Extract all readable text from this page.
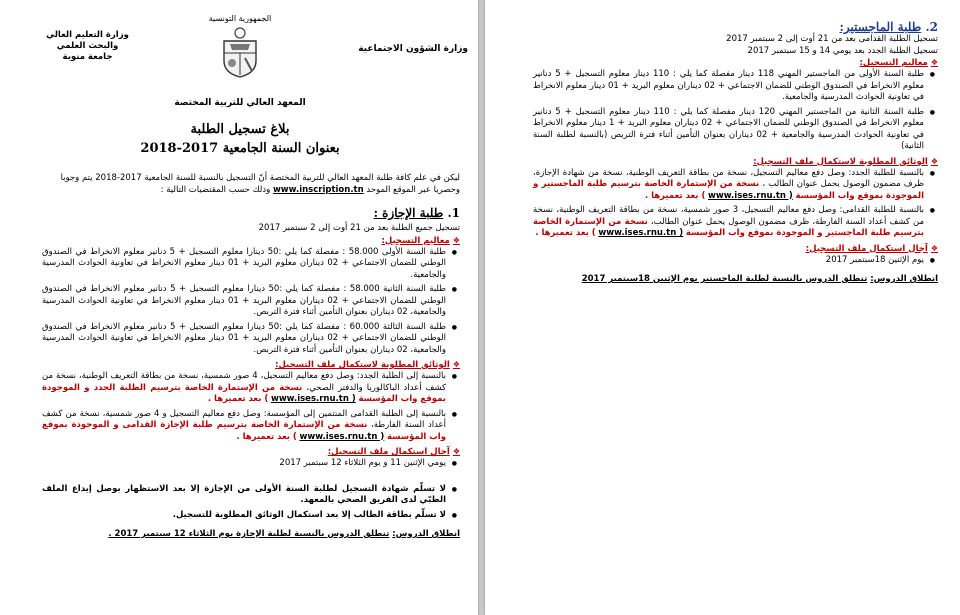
وزارة التعليم العالي
والبحث العلمي
جامعة منوبة
الجمهورية التونسية
وزارة الشؤون الاجتماعية
المعهد العالي للتربية المختصة
بلاغ تسجيل الطلبة
بعنوان السنة الجامعية 2017-2018
ليكن في علم كافة طلبة المعهد العالي للتربية المختصة أنّ التسجيل بالنسبة للسنة الجامعية 2017-2018 يتم وجوبا وحصريا عبر الموقع الموحد www.inscription.tn وذلك حسب المقتضيات التالية :
1. طلبة الإجازة :
تسجيل جميع الطلبة بعد من 21 أوت إلى 2 سبتمبر 2017
❖معاليم التسجيل:
● طلبة السنة الأولى 58.000 : مفصلة كما يلي :50 دينارا معلوم التسجيل + 5 دنانير معلوم الانخراط في الصندوق الوطني للضمان الاجتماعي + 02 ديناران معلوم البريد + 01 دينار معلوم الانخراط في تعاونية الحوادث المدرسية والجامعية.
● طلبة السنة الثانية 58.000 : مفصلة كما يلي :50 دينارا معلوم التسجيل + 5 دنانير معلوم الانخراط في الصندوق الوطني للضمان الاجتماعي + 02 ديناران معلوم البريد + 01 دينار معلوم الانخراط في تعاونية الحوادث المدرسية والجامعية، 02 ديناران بعنوان التأمين أثناء فترة التربص.
● طلبة السنة الثالثة 60.000 : مفصلة كما يلي :50 دينارا معلوم التسجيل + 5 دنانير معلوم الانخراط في الصندوق الوطني للضمان الاجتماعي + 02 ديناران معلوم البريد + 01 دينار معلوم الانخراط في تعاونية الحوادث المدرسية والجامعية، 02 ديناران بعنوان التأمين أثناء فترة التربص.
❖الوثائق المطلوبة لاستكمال ملف التسجيل:
● بالنسبة إلى الطلبة الجدد: وصل دفع معاليم التسجيل، 4 صور شمسية، نسخة من بطاقة التعريف الوطنية، نسخة من كشف أعداد الباكالوريا والدفتر الصحي، نسخة من الإستمارة الخاصة بترسيم الطلبة الجدد و الموجودة بموقع واب المؤسسة ( www.ises.rnu.tn ) بعد تعميرها .
● بالنسبة إلى الطلبة القدامى المنتمين إلى المؤسسة: وصل دفع معاليم التسجيل و 4 صور شمسية، نسخة من كشف أعداد السنة الفارطة، نسخة من الإستمارة الخاصة بترسيم طلبة الإجازة القدامى و الموجودة بموقع واب المؤسسة ( www.ises.rnu.tn ) بعد تعميرها .
❖آجال استكمال ملف التسجيل:
● يومي الإثنين 11 و يوم الثلاثاء 12 سبتمبر 2017
● لا تسلّم شهادة التسجيل لطلبة السنة الأولى من الإجازة إلا بعد الاستظهار بوصل إيداع الملف الطبّي لدى الفريق الصحي بالمعهد.
● لا تسلّم بطاقة الطالب إلا بعد استكمال الوثائق المطلوبة للتسجيل.
انطلاق الدروس: تنطلق الدروس بالنسبة لطلبة الإجازة يوم الثلاثاء 12 سبتمبر 2017 .
2. طلبة الماجستير:
تسجيل الطلبة القدامى بعد من 21 أوت إلى 2 سبتمبر 2017
تسجيل الطلبة الجدد بعد يومي 14 و 15 سبتمبر 2017
❖معاليم التسجيل:
● طلبة السنة الأولى من الماجستير المهني 118 دينار مفصلة كما يلي : 110 دينار معلوم التسجيل + 5 دنانير معلوم الانخراط في الصندوق الوطني للضمان الاجتماعي + 02 ديناران معلوم البريد + 01 دينار معلوم الانخراط في تعاونية الحوادث المدرسية والجامعية.
● طلبة السنة الثانية من الماجستير المهني 120 دينار مفصلة كما يلي : 110 دينار معلوم التسجيل + 5 دنانير معلوم الانخراط في الصندوق الوطني للضمان الاجتماعي + 02 ديناران معلوم البريد + 1 دينار معلوم الانخراط في تعاونية الحوادث المدرسية والجامعية + 02 ديناران بعنوان التأمين أثناء فترة التربص (بالنسبة لطلبة السنة الثانية)
❖الوثائق المطلوبة لاستكمال ملف التسجيل:
● بالنسبة للطلبة الجدد: وصل دفع معاليم التسجيل، نسخة من بطاقة التعريف الوطنية، نسخة من شهادة الإجازة، ظرف مضمون الوصول يحمل عنوان الطالب ، نسخة من الإستمارة الخاصة بترسيم طلبة الماجستير و الموجودة بموقع واب المؤسسة ( www.ises.rnu.tn ) بعد تعميرها .
● بالنسبة للطلبة القدامى: وصل دفع معاليم التسجيل، 3 صور شمسية، نسخة من بطاقة التعريف الوطنية، نسخة من كشف أعداد السنة الفارطة، ظرف مضمون الوصول يحمل عنوان الطالب، نسخة من الإستمارة الخاصة بترسيم طلبة الماجستير و الموجودة بموقع واب المؤسسة ( www.ises.rnu.tn ) بعد تعميرها .
❖آجال استكمال ملف التسجيل:
● يوم الإثنين 18سبتمبر 2017
انطلاق الدروس: تنطلق الدروس بالنسبة لطلبة الماجستير يوم الإثنين 18سبتمبر 2017
